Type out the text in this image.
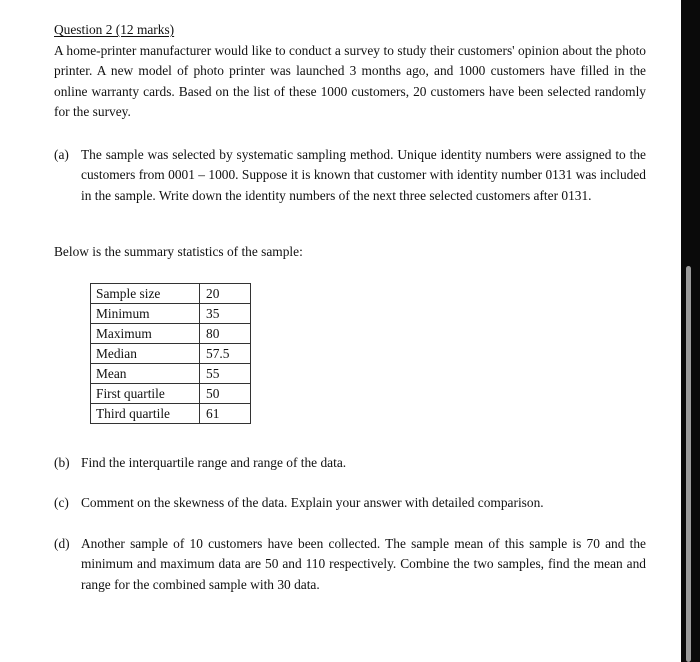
Question 2 (12 marks)
A home-printer manufacturer would like to conduct a survey to study their customers' opinion about the photo printer. A new model of photo printer was launched 3 months ago, and 1000 customers have filled in the online warranty cards. Based on the list of these 1000 customers, 20 customers have been selected randomly for the survey.
(a) The sample was selected by systematic sampling method. Unique identity numbers were assigned to the customers from 0001 – 1000. Suppose it is known that customer with identity number 0131 was included in the sample. Write down the identity numbers of the next three selected customers after 0131.
Below is the summary statistics of the sample:
Sample size	20
Minimum	35
Maximum	80
Median	57.5
Mean	55
First quartile	50
Third quartile	61
(b) Find the interquartile range and range of the data.
(c) Comment on the skewness of the data. Explain your answer with detailed comparison.
(d) Another sample of 10 customers have been collected. The sample mean of this sample is 70 and the minimum and maximum data are 50 and 110 respectively. Combine the two samples, find the mean and range for the combined sample with 30 data.
